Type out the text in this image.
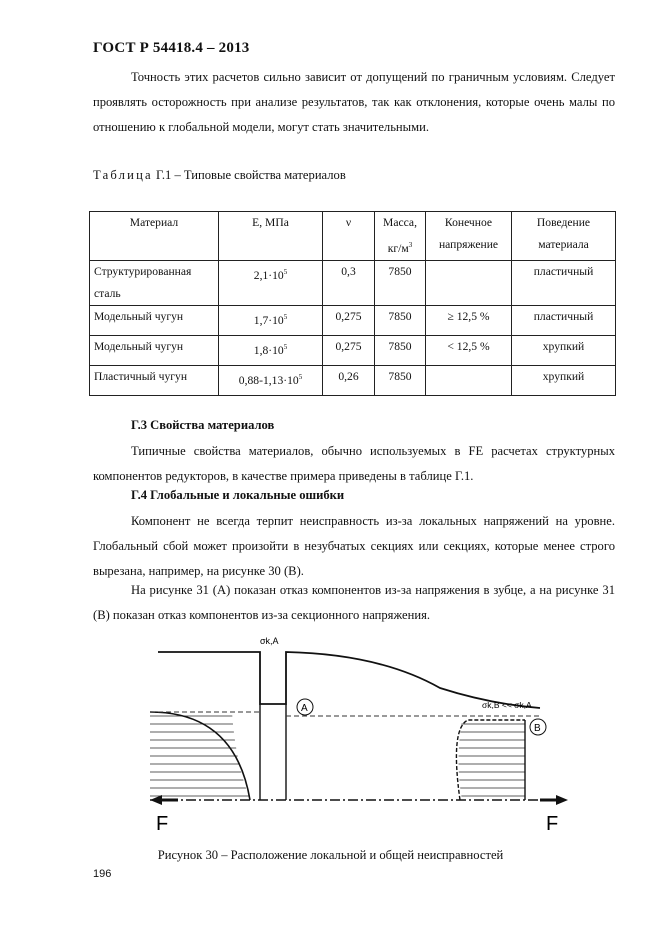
ГОСТ Р 54418.4 – 2013
Точность этих расчетов сильно зависит от допущений по граничным условиям. Следует проявлять осторожность при анализе результатов, так как отклонения, которые очень малы по отношению к глобальной модели, могут стать значительными.
Таблица Г.1 – Типовые свойства материалов
Материал	E, МПа	ν	Масса, $кг/м^3$	Конечное напряжение	Поведение материала
Структурированная сталь	$2,1\cdot 10^5$	0,3	7850		пластичный
Модельный чугун	$1,7\cdot 10^5$	0,275	7850	≥ 12,5 %	пластичный
Модельный чугун	$1,8\cdot 10^5$	0,275	7850	< 12,5 %	хрупкий
Пластичный чугун	$0,88-1,13\cdot 10^5$	0,26	7850		хрупкий
Г.3 Свойства материалов
Типичные свойства материалов, обычно используемых в FE расчетах структурных компонентов редукторов, в качестве примера приведены в таблице Г.1.
Г.4 Глобальные и локальные ошибки
Компонент не всегда терпит неисправность из-за локальных напряжений на уровне. Глобальный сбой может произойти в незубчатых секциях или секциях, которые менее строго вырезана, например, на рисунке 30 (B).
На рисунке 31 (A) показан отказ компонентов из-за напряжения в зубце, а на рисунке 31 (B) показан отказ компонентов из-за секционного напряжения.
A
B
σk,A
σk,B << σk,A
F	F
Рисунок 30 – Расположение локальной и общей неисправностей
196
